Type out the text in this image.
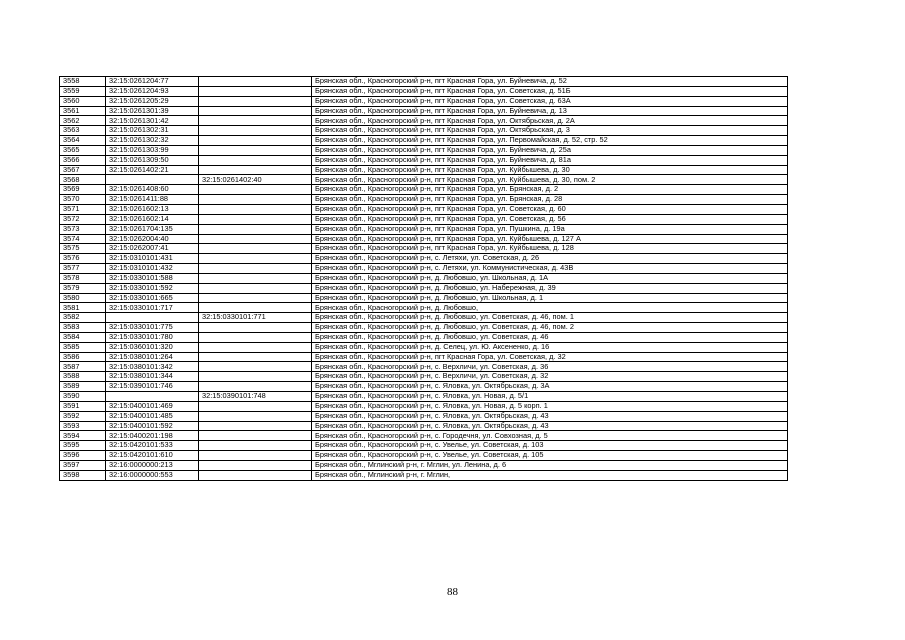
3558	32:15:0261204:77		Брянская обл., Красногорский р-н, пгт Красная Гора, ул. Буйневича, д. 52
3559	32:15:0261204:93		Брянская обл., Красногорский р-н, пгт Красная Гора, ул. Советская, д. 51Б
3560	32:15:0261205:29		Брянская обл., Красногорский р-н, пгт Красная Гора, ул. Советская, д. 63А
3561	32:15:0261301:39		Брянская обл., Красногорский р-н, пгт Красная Гора, ул. Буйневича, д. 13
3562	32:15:0261301:42		Брянская обл., Красногорский р-н, пгт Красная Гора, ул. Октябрьская, д. 2А
3563	32:15:0261302:31		Брянская обл., Красногорский р-н, пгт Красная Гора, ул. Октябрьская, д. 3
3564	32:15:0261302:32		Брянская обл., Красногорский р-н, пгт Красная Гора, ул. Первомайская, д. 52, стр. 52
3565	32:15:0261303:99		Брянская обл., Красногорский р-н, пгт Красная Гора, ул. Буйневича, д. 25а
3566	32:15:0261309:50		Брянская обл., Красногорский р-н, пгт Красная Гора, ул. Буйневича, д. 81а
3567	32:15:0261402:21		Брянская обл., Красногорский р-н, пгт Красная Гора, ул. Куйбышева, д. 30
3568		32:15:0261402:40	Брянская обл., Красногорский р-н, пгт Красная Гора, ул. Куйбышева, д. 30, пом. 2
3569	32:15:0261408:60		Брянская обл., Красногорский р-н, пгт Красная Гора, ул. Брянская, д. 2
3570	32:15:0261411:88		Брянская обл., Красногорский р-н, пгт Красная Гора, ул. Брянская, д. 28
3571	32:15:0261602:13		Брянская обл., Красногорский р-н, пгт Красная Гора, ул. Советская, д. 60
3572	32:15:0261602:14		Брянская обл., Красногорский р-н, пгт Красная Гора, ул. Советская, д. 56
3573	32:15:0261704:135		Брянская обл., Красногорский р-н, пгт Красная Гора, ул. Пушкина, д. 19а
3574	32:15:0262004:40		Брянская обл., Красногорский р-н, пгт Красная Гора, ул. Куйбышева, д. 127 А
3575	32:15:0262007:41		Брянская обл., Красногорский р-н, пгт Красная Гора, ул. Куйбышева, д. 128
3576	32:15:0310101:431		Брянская обл., Красногорский р-н, с. Летяхи, ул. Советская, д. 26
3577	32:15:0310101:432		Брянская обл., Красногорский р-н, с. Летяхи, ул. Коммунистическая, д. 43В
3578	32:15:0330101:588		Брянская обл., Красногорский р-н, д. Любовшо, ул. Школьная, д. 1А
3579	32:15:0330101:592		Брянская обл., Красногорский р-н, д. Любовшо, ул. Набережная, д. 39
3580	32:15:0330101:665		Брянская обл., Красногорский р-н, д. Любовшо, ул. Школьная, д. 1
3581	32:15:0330101:717		Брянская обл., Красногорский р-н, д. Любовшо,
3582		32:15:0330101:771	Брянская обл., Красногорский р-н, д. Любовшо, ул. Советская, д. 46, пом. 1
3583	32:15:0330101:775		Брянская обл., Красногорский р-н, д. Любовшо, ул. Советская, д. 46, пом. 2
3584	32:15:0330101:780		Брянская обл., Красногорский р-н, д. Любовшо, ул. Советская, д. 46
3585	32:15:0360101:320		Брянская обл., Красногорский р-н, д. Селец, ул. Ю. Аксененко, д. 16
3586	32:15:0380101:264		Брянская обл., Красногорский р-н, пгт Красная Гора, ул. Советская, д. 32
3587	32:15:0380101:342		Брянская обл., Красногорский р-н, с. Верхличи, ул. Советская, д. 36
3588	32:15:0380101:344		Брянская обл., Красногорский р-н, с. Верхличи, ул. Советская, д. 32
3589	32:15:0390101:746		Брянская обл., Красногорский р-н, с. Яловка, ул. Октябрьская, д. 3А
3590		32:15:0390101:748	Брянская обл., Красногорский р-н, с. Яловка, ул. Новая, д. 5/1
3591	32:15:0400101:469		Брянская обл., Красногорский р-н, с. Яловка, ул. Новая, д. 5 корп. 1
3592	32:15:0400101:485		Брянская обл., Красногорский р-н, с. Яловка, ул. Октябрьская, д. 43
3593	32:15:0400101:592		Брянская обл., Красногорский р-н, с. Яловка, ул. Октябрьская, д. 43
3594	32:15:0400201:198		Брянская обл., Красногорский р-н, с. Городечня, ул. Совхозная, д. 5
3595	32:15:0420101:533		Брянская обл., Красногорский р-н, с. Увелье, ул. Советская, д. 103
3596	32:15:0420101:610		Брянская обл., Красногорский р-н, с. Увелье, ул. Советская, д. 105
3597	32:16:0000000:213		Брянская обл., Мглинский р-н, г. Мглин, ул. Ленина, д. 6
3598	32:16:0000000:553		Брянская обл., Мглинский р-н, г. Мглин,
88
